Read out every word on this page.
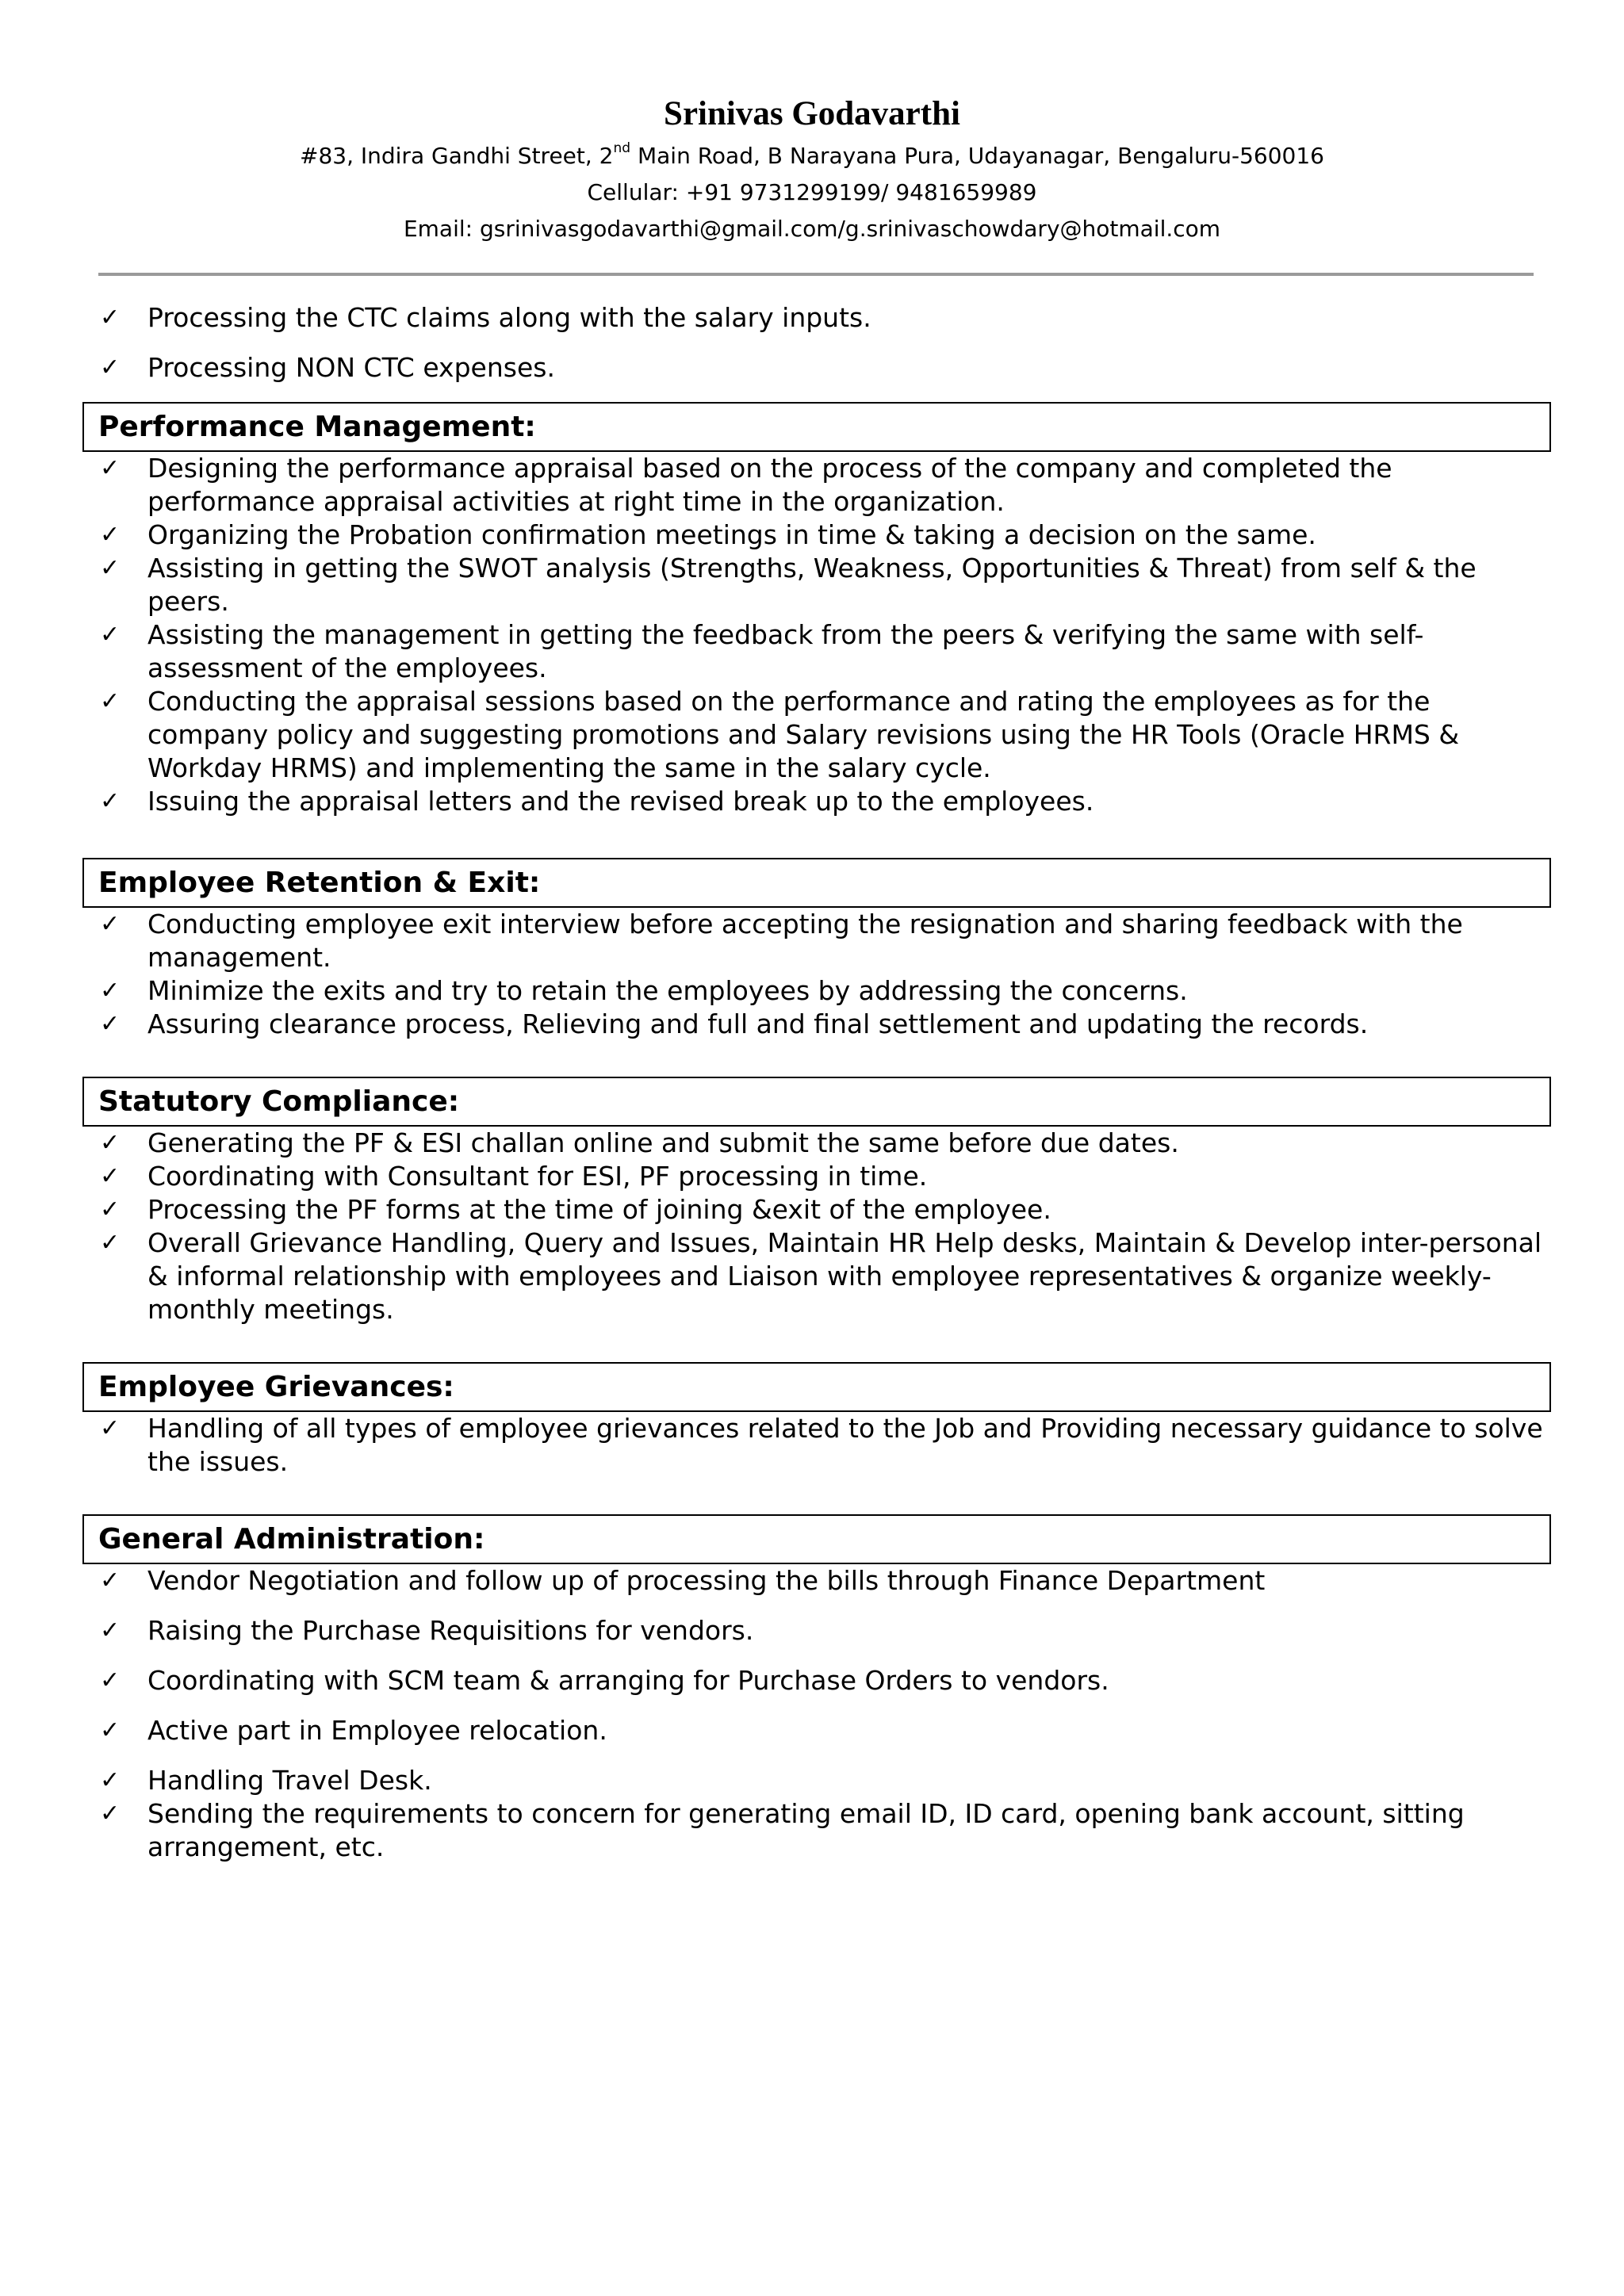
Srinivas Godavarthi

#83, Indira Gandhi Street, 2nd Main Road, B Narayana Pura, Udayanagar, Bengaluru-560016

Cellular: +91 9731299199/ 9481659989

Email: gsrinivasgodavarthi@gmail.com/g.srinivaschowdary@hotmail.com

✓ Processing the CTC claims along with the salary inputs.
✓ Processing NON CTC expenses.
Performance Management:
✓ Designing the performance appraisal based on the process of the company and completed the performance appraisal activities at right time in the organization.
✓ Organizing the Probation confirmation meetings in time & taking a decision on the same.
✓ Assisting in getting the SWOT analysis (Strengths, Weakness, Opportunities & Threat) from self & the peers.
✓ Assisting the management in getting the feedback from the peers & verifying the same with self-assessment of the employees.
✓ Conducting the appraisal sessions based on the performance and rating the employees as for the company policy and suggesting promotions and Salary revisions using the HR Tools (Oracle HRMS & Workday HRMS) and implementing the same in the salary cycle.
✓ Issuing the appraisal letters and the revised break up to the employees.
Employee Retention & Exit:
✓ Conducting employee exit interview before accepting the resignation and sharing feedback with the management.
✓ Minimize the exits and try to retain the employees by addressing the concerns.
✓ Assuring clearance process, Relieving and full and final settlement and updating the records.
Statutory Compliance:
✓ Generating the PF & ESI challan online and submit the same before due dates.
✓ Coordinating with Consultant for ESI, PF processing in time.
✓ Processing the PF forms at the time of joining &exit of the employee.
✓ Overall Grievance Handling, Query and Issues, Maintain HR Help desks, Maintain & Develop inter-personal & informal relationship with employees and Liaison with employee representatives & organize weekly-monthly meetings.
Employee Grievances:
✓ Handling of all types of employee grievances related to the Job and Providing necessary guidance to solve the issues.
General Administration:
✓ Vendor Negotiation and follow up of processing the bills through Finance Department
✓ Raising the Purchase Requisitions for vendors.
✓ Coordinating with SCM team & arranging for Purchase Orders to vendors.
✓ Active part in Employee relocation.
✓ Handling Travel Desk.
✓ Sending the requirements to concern for generating email ID, ID card, opening bank account, sitting arrangement, etc.
